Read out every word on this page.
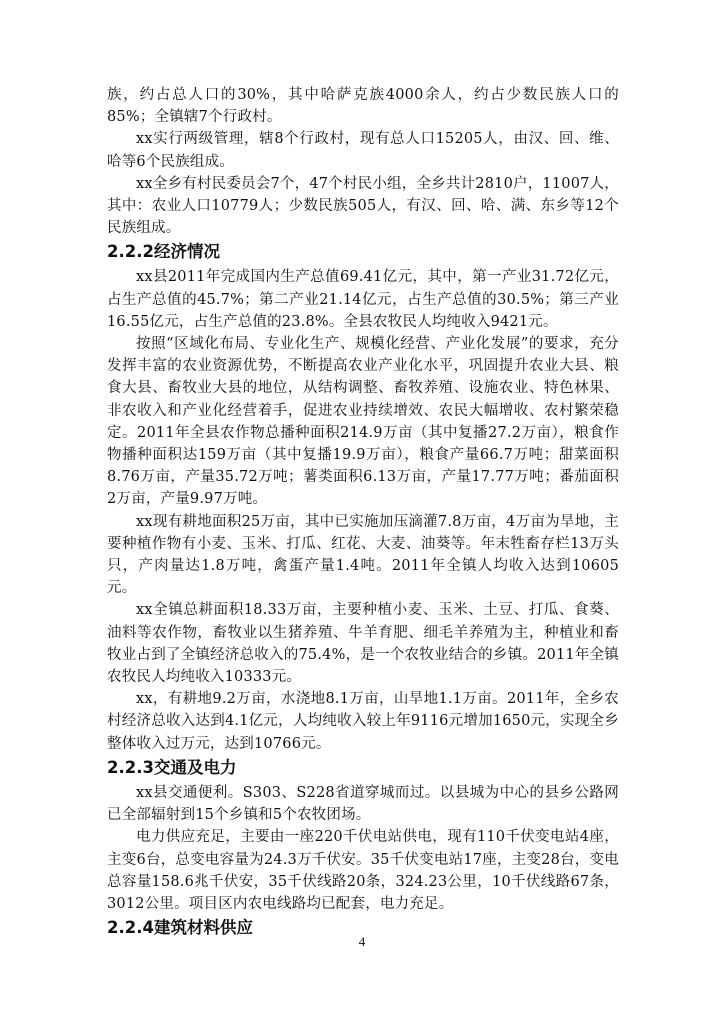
族，约占总人口的30%，其中哈萨克族4000余人，约占少数民族人口的85%；全镇辖7个行政村。

xx实行两级管理，辖8个行政村，现有总人口15205人，由汉、回、维、哈等6个民族组成。

xx全乡有村民委员会7个，47个村民小组，全乡共计2810户，11007人，其中：农业人口10779人；少数民族505人，有汉、回、哈、满、东乡等12个民族组成。

2.2.2经济情况

xx县2011年完成国内生产总值69.41亿元，其中，第一产业31.72亿元，占生产总值的45.7%；第二产业21.14亿元，占生产总值的30.5%；第三产业16.55亿元，占生产总值的23.8%。全县农牧民人均纯收入9421元。

按照“区域化布局、专业化生产、规模化经营、产业化发展”的要求，充分发挥丰富的农业资源优势，不断提高农业产业化水平，巩固提升农业大县、粮食大县、畜牧业大县的地位，从结构调整、畜牧养殖、设施农业、特色林果、非农收入和产业化经营着手，促进农业持续增效、农民大幅增收、农村繁荣稳定。2011年全县农作物总播种面积214.9万亩（其中复播27.2万亩），粮食作物播种面积达159万亩（其中复播19.9万亩），粮食产量66.7万吨；甜菜面积8.76万亩，产量35.72万吨；薯类面积6.13万亩，产量17.77万吨；番茄面积2万亩，产量9.97万吨。

xx现有耕地面积25万亩，其中已实施加压滴灌7.8万亩，4万亩为旱地，主要种植作物有小麦、玉米、打瓜、红花、大麦、油葵等。年末牲畜存栏13万头只，产肉量达1.8万吨，禽蛋产量1.4吨。2011年全镇人均收入达到10605元。

xx全镇总耕面积18.33万亩，主要种植小麦、玉米、土豆、打瓜、食葵、油料等农作物，畜牧业以生猪养殖、牛羊育肥、细毛羊养殖为主，种植业和畜牧业占到了全镇经济总收入的75.4%，是一个农牧业结合的乡镇。2011年全镇农牧民人均纯收入10333元。

xx，有耕地9.2万亩，水浇地8.1万亩，山旱地1.1万亩。2011年，全乡农村经济总收入达到4.1亿元，人均纯收入较上年9116元增加1650元，实现全乡整体收入过万元，达到10766元。

2.2.3交通及电力

xx县交通便利。S303、S228省道穿城而过。以县城为中心的县乡公路网已全部辐射到15个乡镇和5个农牧团场。

电力供应充足，主要由一座220千伏电站供电，现有110千伏变电站4座，主变6台，总变电容量为24.3万千伏安。35千伏变电站17座，主变28台，变电总容量158.6兆千伏安，35千伏线路20条，324.23公里，10千伏线路67条，3012公里。项目区内农电线路均已配套，电力充足。

2.2.4建筑材料供应
4
